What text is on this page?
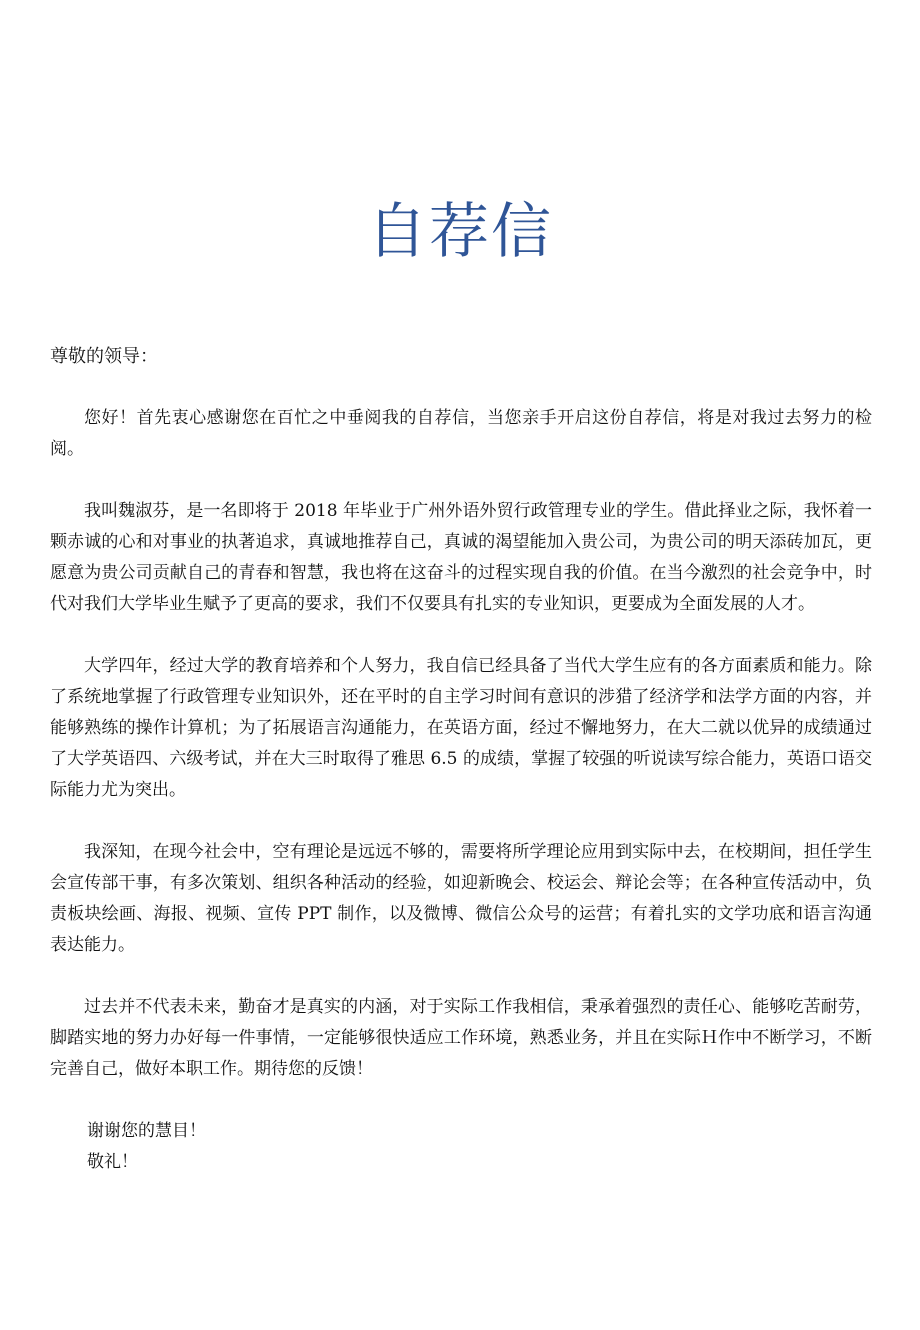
自荐信

尊敬的领导：

您好！首先衷心感谢您在百忙之中垂阅我的自荐信，当您亲手开启这份自荐信，将是对我过去努力的检阅。

我叫魏淑芬，是一名即将于 2018 年毕业于广州外语外贸行政管理专业的学生。借此择业之际，我怀着一颗赤诚的心和对事业的执著追求，真诚地推荐自己，真诚的渴望能加入贵公司，为贵公司的明天添砖加瓦，更愿意为贵公司贡献自己的青春和智慧，我也将在这奋斗的过程实现自我的价值。在当今激烈的社会竞争中，时代对我们大学毕业生赋予了更高的要求，我们不仅要具有扎实的专业知识，更要成为全面发展的人才。

大学四年，经过大学的教育培养和个人努力，我自信已经具备了当代大学生应有的各方面素质和能力。除了系统地掌握了行政管理专业知识外，还在平时的自主学习时间有意识的涉猎了经济学和法学方面的内容，并能够熟练的操作计算机；为了拓展语言沟通能力，在英语方面，经过不懈地努力，在大二就以优异的成绩通过了大学英语四、六级考试，并在大三时取得了雅思 6.5 的成绩，掌握了较强的听说读写综合能力，英语口语交际能力尤为突出。

我深知，在现今社会中，空有理论是远远不够的，需要将所学理论应用到实际中去，在校期间，担任学生会宣传部干事，有多次策划、组织各种活动的经验，如迎新晚会、校运会、辩论会等；在各种宣传活动中，负责板块绘画、海报、视频、宣传 PPT 制作，以及微博、微信公众号的运营；有着扎实的文学功底和语言沟通表达能力。

过去并不代表未来，勤奋才是真实的内涵，对于实际工作我相信，秉承着强烈的责任心、能够吃苦耐劳，脚踏实地的努力办好每一件事情，一定能够很快适应工作环境，熟悉业务，并且在实际Ｈ作中不断学习，不断完善自己，做好本职工作。期待您的反馈！

谢谢您的慧目！

敬礼！
